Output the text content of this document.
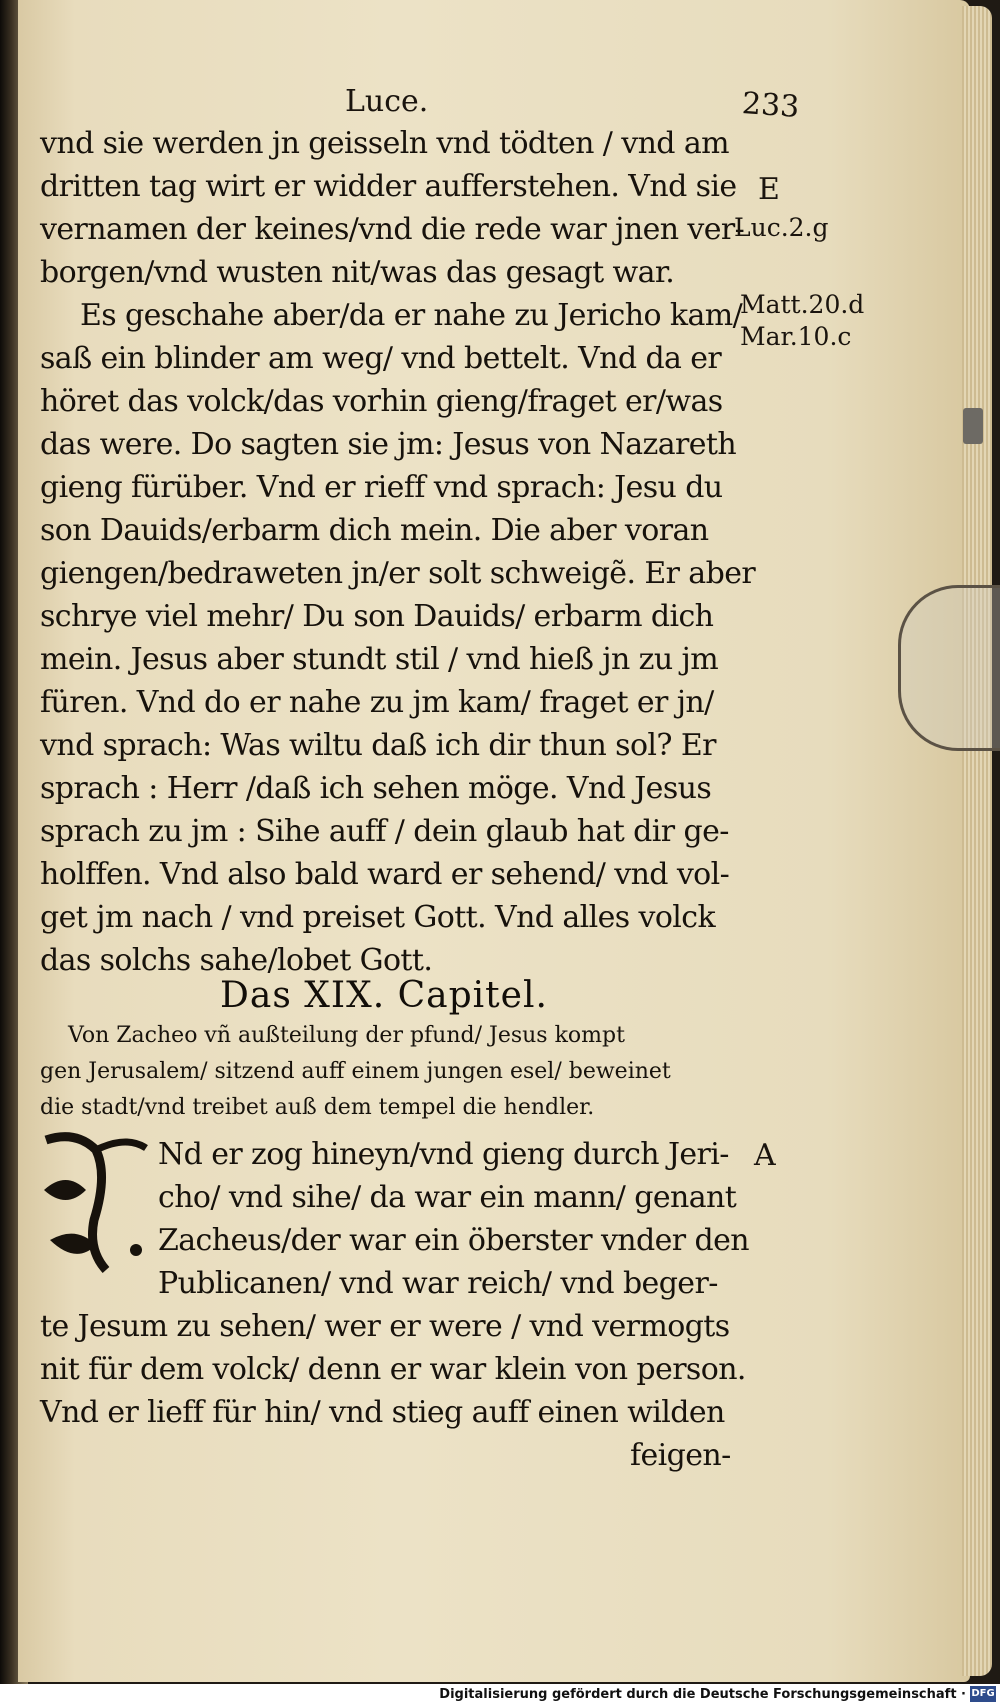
Luce.	233
vnd sie werden jn geisseln vnd tödten / vnd am
dritten tag wirt er widder aufferstehen. Vnd sie
vernamen der keines/vnd die rede war jnen ver-
borgen/vnd wusten nit/was das gesagt war.
Es geschahe aber/da er nahe zu Jericho kam/
saß ein blinder am weg/ vnd bettelt. Vnd da er
höret das volck/das vorhin gieng/fraget er/was
das were. Do sagten sie jm: Jesus von Nazareth
gieng fürüber. Vnd er rieff vnd sprach: Jesu du
son Dauids/erbarm dich mein. Die aber voran
giengen/bedraweten jn/er solt schweigẽ. Er aber
schrye viel mehr/ Du son Dauids/ erbarm dich
mein. Jesus aber stundt stil / vnd hieß jn zu jm
füren. Vnd do er nahe zu jm kam/ fraget er jn/
vnd sprach: Was wiltu daß ich dir thun sol? Er
sprach : Herr /daß ich sehen möge. Vnd Jesus
sprach zu jm : Sihe auff / dein glaub hat dir ge-
holffen. Vnd also bald ward er sehend/ vnd vol-
get jm nach / vnd preiset Gott. Vnd alles volck
das solchs sahe/lobet Gott.
E
Luc.2.g
Matt.20.d
Mar.10.c
A
Das XIX. Capitel.
Von Zacheo vñ außteilung der pfund/ Jesus kompt
gen Jerusalem/ sitzend auff einem jungen esel/ beweinet
die stadt/vnd treibet auß dem tempel die hendler.
Nd er zog hineyn/vnd gieng durch Jeri-
cho/ vnd sihe/ da war ein mann/ genant
Zacheus/der war ein öberster vnder den
Publicanen/ vnd war reich/ vnd beger-
te Jesum zu sehen/ wer er were / vnd vermogts
nit für dem volck/ denn er war klein von person.
Vnd er lieff für hin/ vnd stieg auff einen wilden
feigen-
Digitalisierung gefördert durch die Deutsche Forschungsgemeinschaft · DFG
